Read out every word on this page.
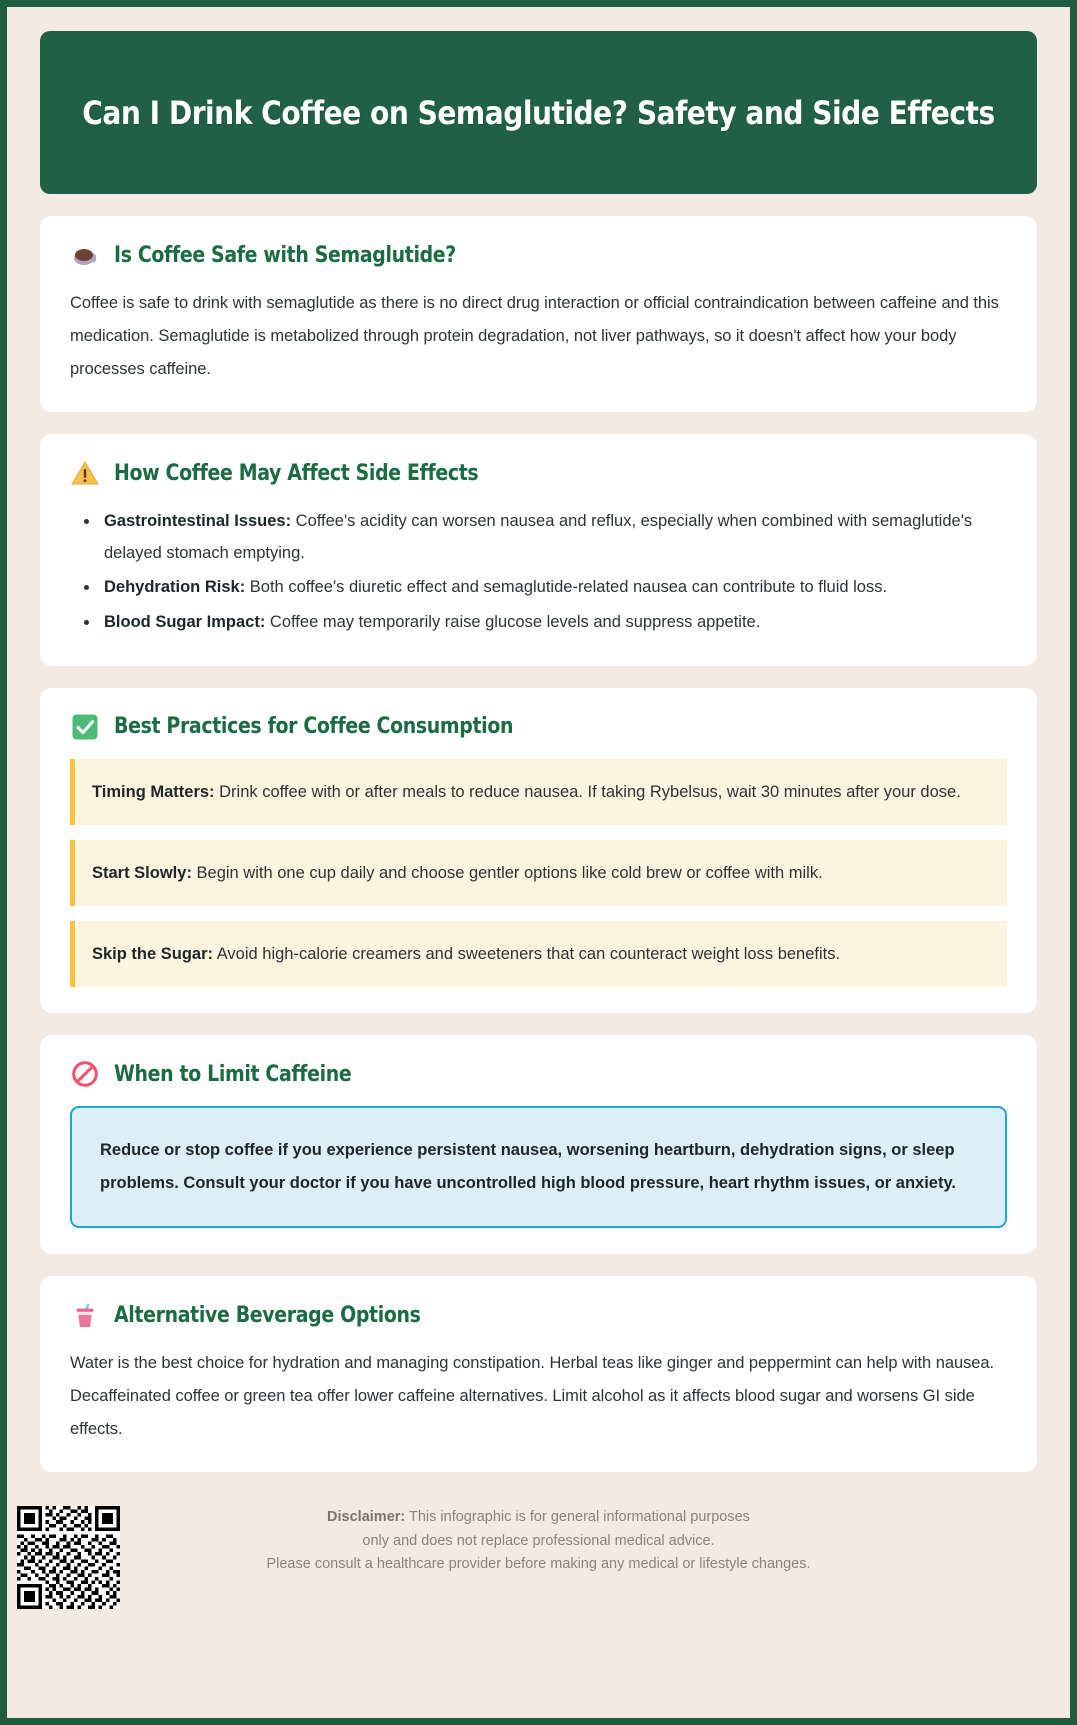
Can I Drink Coffee on Semaglutide? Safety and Side Effects
Is Coffee Safe with Semaglutide?

Coffee is safe to drink with semaglutide as there is no direct drug interaction or official contraindication between caffeine and this medication. Semaglutide is metabolized through protein degradation, not liver pathways, so it doesn't affect how your body processes caffeine.

How Coffee May Affect Side Effects
Gastrointestinal Issues: Coffee's acidity can worsen nausea and reflux, especially when combined with semaglutide's delayed stomach emptying.
Dehydration Risk: Both coffee's diuretic effect and semaglutide-related nausea can contribute to fluid loss.
Blood Sugar Impact: Coffee may temporarily raise glucose levels and suppress appetite.
Best Practices for Coffee Consumption
Timing Matters: Drink coffee with or after meals to reduce nausea. If taking Rybelsus, wait 30 minutes after your dose.
Start Slowly: Begin with one cup daily and choose gentler options like cold brew or coffee with milk.
Skip the Sugar: Avoid high-calorie creamers and sweeteners that can counteract weight loss benefits.
When to Limit Caffeine
Reduce or stop coffee if you experience persistent nausea, worsening heartburn, dehydration signs, or sleep problems. Consult your doctor if you have uncontrolled high blood pressure, heart rhythm issues, or anxiety.
Alternative Beverage Options

Water is the best choice for hydration and managing constipation. Herbal teas like ginger and peppermint can help with nausea. Decaffeinated coffee or green tea offer lower caffeine alternatives. Limit alcohol as it affects blood sugar and worsens GI side effects.

Disclaimer: This infographic is for general informational purposes
only and does not replace professional medical advice.
Please consult a healthcare provider before making any medical or lifestyle changes.
